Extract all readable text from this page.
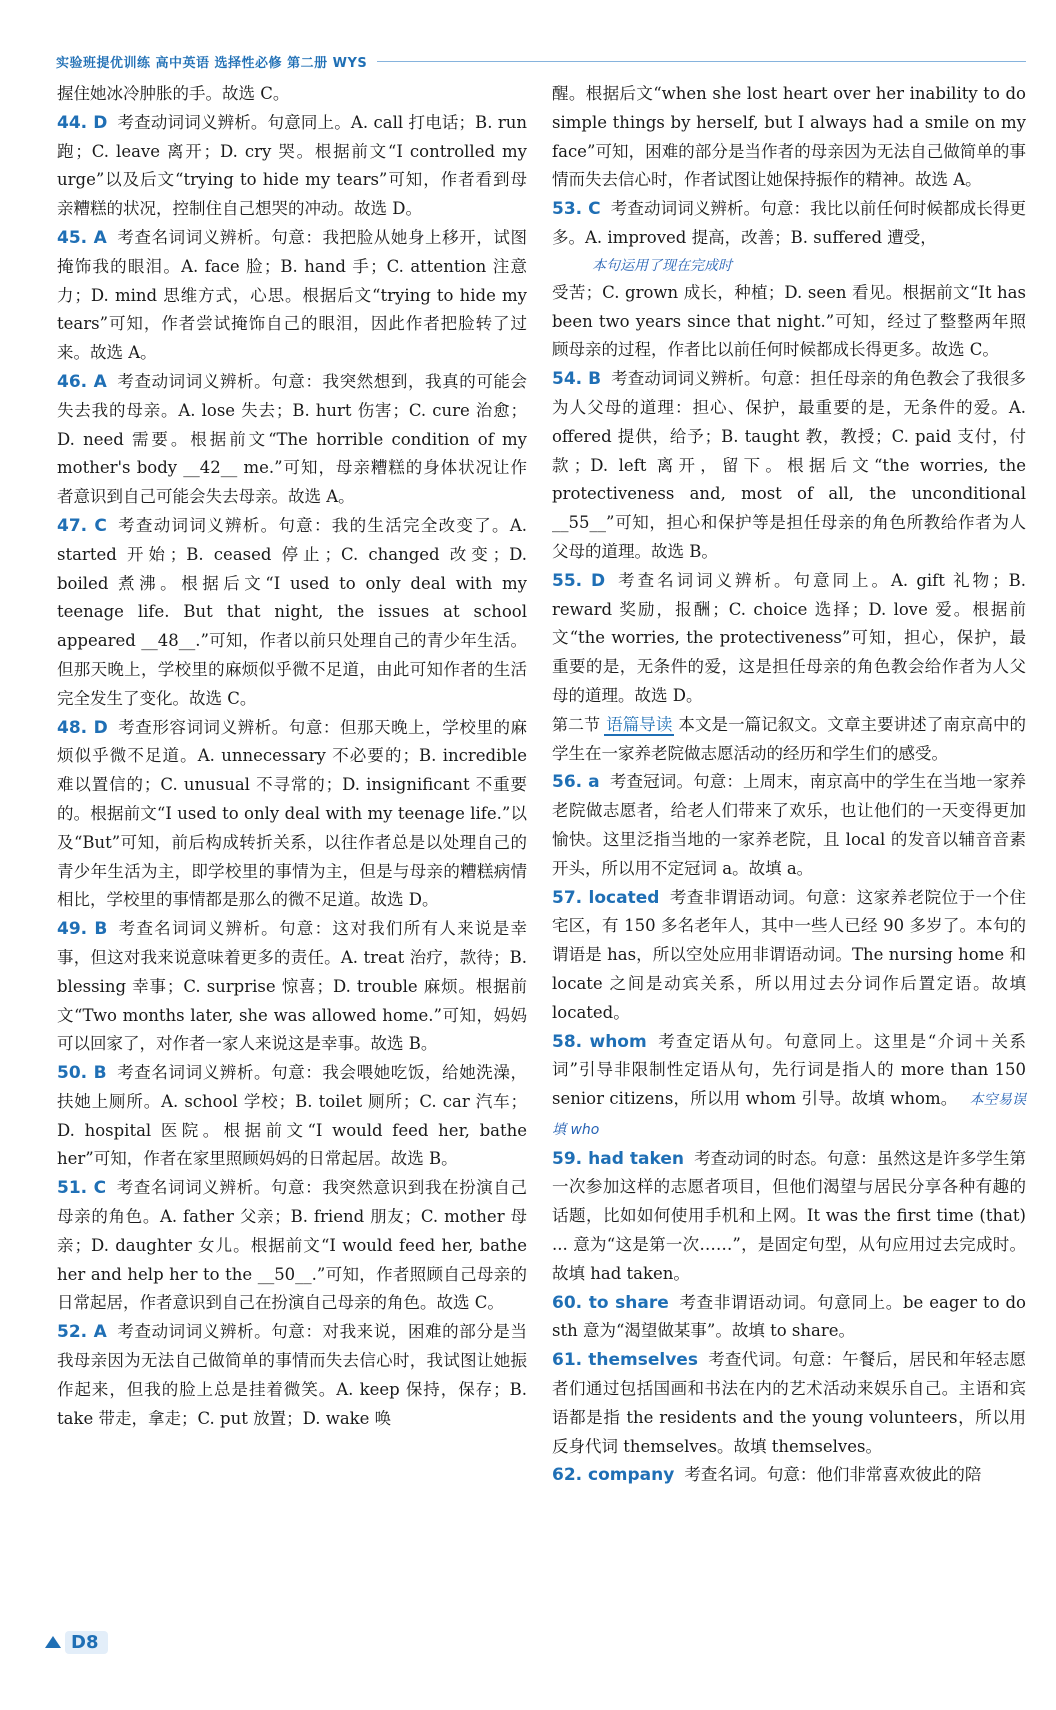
实验班提优训练 高中英语 选择性必修 第二册 WYS

握住她冰冷肿胀的手。故选 C。

44. D 考查动词词义辨析。句意同上。A. call 打电话；B. run 跑；C. leave 离开；D. cry 哭。根据前文“I controlled my urge”以及后文“trying to hide my tears”可知，作者看到母亲糟糕的状况，控制住自己想哭的冲动。故选 D。

45. A 考查名词词义辨析。句意：我把脸从她身上移开，试图掩饰我的眼泪。A. face 脸；B. hand 手；C. attention 注意力；D. mind 思维方式，心思。根据后文“trying to hide my tears”可知，作者尝试掩饰自己的眼泪，因此作者把脸转了过来。故选 A。

46. A 考查动词词义辨析。句意：我突然想到，我真的可能会失去我的母亲。A. lose 失去；B. hurt 伤害；C. cure 治愈；D. need 需要。根据前文“The horrible condition of my mother's body __42__ me.”可知，母亲糟糕的身体状况让作者意识到自己可能会失去母亲。故选 A。

47. C 考查动词词义辨析。句意：我的生活完全改变了。A. started 开始；B. ceased 停止；C. changed 改变；D. boiled 煮沸。根据后文“I used to only deal with my teenage life. But that night, the issues at school appeared __48__.”可知，作者以前只处理自己的青少年生活。但那天晚上，学校里的麻烦似乎微不足道，由此可知作者的生活完全发生了变化。故选 C。

48. D 考查形容词词义辨析。句意：但那天晚上，学校里的麻烦似乎微不足道。A. unnecessary 不必要的；B. incredible 难以置信的；C. unusual 不寻常的；D. insignificant 不重要的。根据前文“I used to only deal with my teenage life.”以及“But”可知，前后构成转折关系，以往作者总是以处理自己的青少年生活为主，即学校里的事情为主，但是与母亲的糟糕病情相比，学校里的事情都是那么的微不足道。故选 D。

49. B 考查名词词义辨析。句意：这对我们所有人来说是幸事，但这对我来说意味着更多的责任。A. treat 治疗，款待；B. blessing 幸事；C. surprise 惊喜；D. trouble 麻烦。根据前文“Two months later, she was allowed home.”可知，妈妈可以回家了，对作者一家人来说这是幸事。故选 B。

50. B 考查名词词义辨析。句意：我会喂她吃饭，给她洗澡，扶她上厕所。A. school 学校；B. toilet 厕所；C. car 汽车；D. hospital 医院。根据前文“I would feed her, bathe her”可知，作者在家里照顾妈妈的日常起居。故选 B。

51. C 考查名词词义辨析。句意：我突然意识到我在扮演自己母亲的角色。A. father 父亲；B. friend 朋友；C. mother 母亲；D. daughter 女儿。根据前文“I would feed her, bathe her and help her to the __50__.”可知，作者照顾自己母亲的日常起居，作者意识到自己在扮演自己母亲的角色。故选 C。

52. A 考查动词词义辨析。句意：对我来说，困难的部分是当我母亲因为无法自己做简单的事情而失去信心时，我试图让她振作起来，但我的脸上总是挂着微笑。A. keep 保持，保存；B. take 带走，拿走；C. put 放置；D. wake 唤

醒。根据后文“when she lost heart over her inability to do simple things by herself, but I always had a smile on my face”可知，困难的部分是当作者的母亲因为无法自己做简单的事情而失去信心时，作者试图让她保持振作的精神。故选 A。

53. C 考查动词词义辨析。句意：我比以前任何时候都成长得更多。A. improved 提高，改善；B. suffered 遭受，
本句运用了现在完成时
受苦；C. grown 成长，种植；D. seen 看见。根据前文“It has been two years since that night.”可知，经过了整整两年照顾母亲的过程，作者比以前任何时候都成长得更多。故选 C。

54. B 考查动词词义辨析。句意：担任母亲的角色教会了我很多为人父母的道理：担心、保护，最重要的是，无条件的爱。A. offered 提供，给予；B. taught 教，教授；C. paid 支付，付款；D. left 离开，留下。根据后文“the worries, the protectiveness and, most of all, the unconditional __55__”可知，担心和保护等是担任母亲的角色所教给作者为人父母的道理。故选 B。

55. D 考查名词词义辨析。句意同上。A. gift 礼物；B. reward 奖励，报酬；C. choice 选择；D. love 爱。根据前文“the worries, the protectiveness”可知，担心，保护，最重要的是，无条件的爱，这是担任母亲的角色教会给作者为人父母的道理。故选 D。

第二节 语篇导读 本文是一篇记叙文。文章主要讲述了南京高中的学生在一家养老院做志愿活动的经历和学生们的感受。

56. a 考查冠词。句意：上周末，南京高中的学生在当地一家养老院做志愿者，给老人们带来了欢乐，也让他们的一天变得更加愉快。这里泛指当地的一家养老院，且 local 的发音以辅音音素开头，所以用不定冠词 a。故填 a。

57. located 考查非谓语动词。句意：这家养老院位于一个住宅区，有 150 多名老年人，其中一些人已经 90 多岁了。本句的谓语是 has，所以空处应用非谓语动词。The nursing home 和 locate 之间是动宾关系，所以用过去分词作后置定语。故填 located。

58. whom 考查定语从句。句意同上。这里是“介词＋关系词”引导非限制性定语从句，先行词是指人的 more than 150 senior citizens，所以用 whom 引导。故填 whom。 本空易误填 who

59. had taken 考查动词的时态。句意：虽然这是许多学生第一次参加这样的志愿者项目，但他们渴望与居民分享各种有趣的话题，比如如何使用手机和上网。It was the first time (that) ... 意为“这是第一次……”，是固定句型，从句应用过去完成时。故填 had taken。

60. to share 考查非谓语动词。句意同上。be eager to do sth 意为“渴望做某事”。故填 to share。

61. themselves 考查代词。句意：午餐后，居民和年轻志愿者们通过包括国画和书法在内的艺术活动来娱乐自己。主语和宾语都是指 the residents and the young volunteers，所以用反身代词 themselves。故填 themselves。

62. company 考查名词。句意：他们非常喜欢彼此的陪

D8
